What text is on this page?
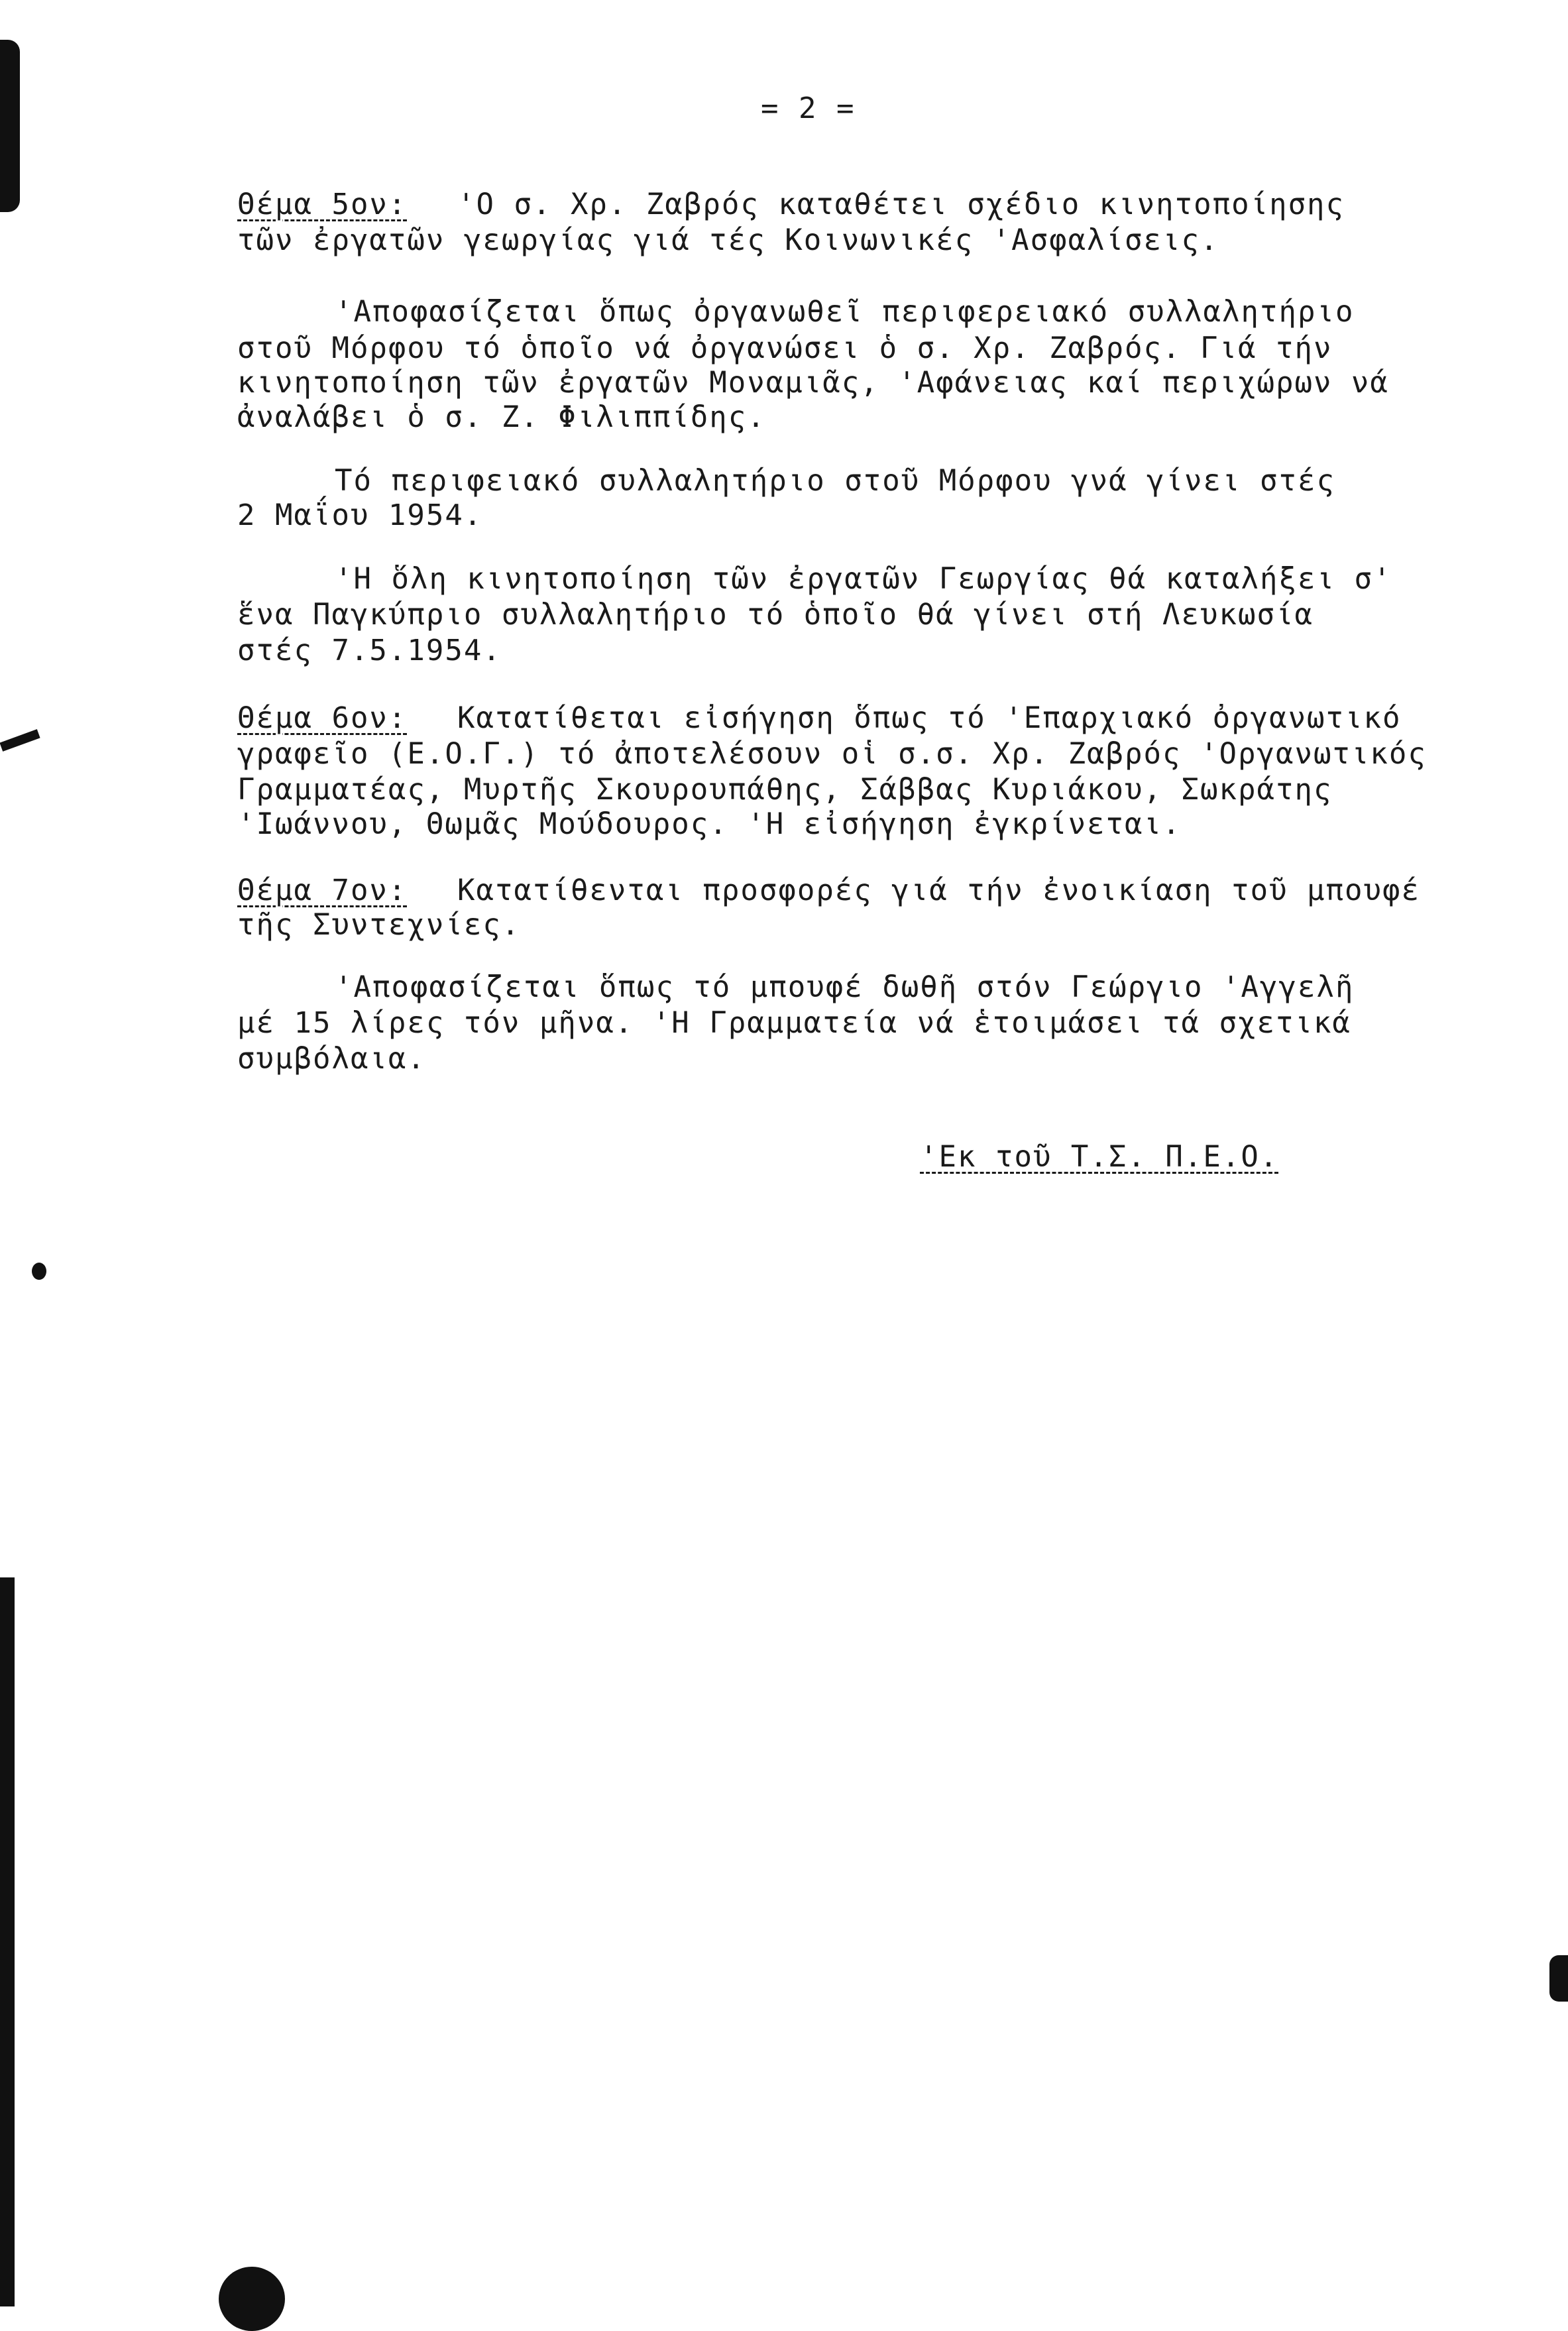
= 2 =
Θέμα 5ον: 'Ο σ. Χρ. Ζαβρός καταθέτει σχέδιο κινητοποίησης
τῶν ἐργατῶν γεωργίας γιά τές Κοινωνικές 'Ασφαλίσεις.
'Αποφασίζεται ὅπως ὀργανωθεῖ περιφερειακό συλλαλητήριο
στοῦ Μόρφου τό ὁποῖο νά ὀργανώσει ὁ σ. Χρ. Ζαβρός. Γιά τήν
κινητοποίηση τῶν ἐργατῶν Μοναμιᾶς, 'Αφάνειας καί περιχώρων νά
ἀναλάβει ὁ σ. Ζ. Φιλιππίδης.
Τό περιφειακό συλλαλητήριο στοῦ Μόρφου γνά γίνει στές
2 Μαΐου 1954.
'Η ὅλη κινητοποίηση τῶν ἐργατῶν Γεωργίας θά καταλήξει σ'
ἕνα Παγκύπριο συλλαλητήριο τό ὁποῖο θά γίνει στή Λευκωσία
στές 7.5.1954.
Θέμα 6ον: Κατατίθεται εἰσήγηση ὅπως τό 'Επαρχιακό ὀργανωτικό
γραφεῖο (Ε.Ο.Γ.) τό ἀποτελέσουν οἱ σ.σ. Χρ. Ζαβρός 'Οργανωτικός
Γραμματέας, Μυρτῆς Σκουρουπάθης, Σάββας Κυριάκου, Σωκράτης
'Ιωάννου, Θωμᾶς Μούδουρος. 'Η εἰσήγηση ἐγκρίνεται.
Θέμα 7ον: Κατατίθενται προσφορές γιά τήν ἐνοικίαση τοῦ μπουφέ
τῆς Συντεχνίες.
'Αποφασίζεται ὅπως τό μπουφέ δωθῆ στόν Γεώργιο 'Αγγελῆ
μέ 15 λίρες τόν μῆνα. 'Η Γραμματεία νά ἑτοιμάσει τά σχετικά
συμβόλαια.
'Εκ τοῦ Τ.Σ. Π.Ε.Ο.
